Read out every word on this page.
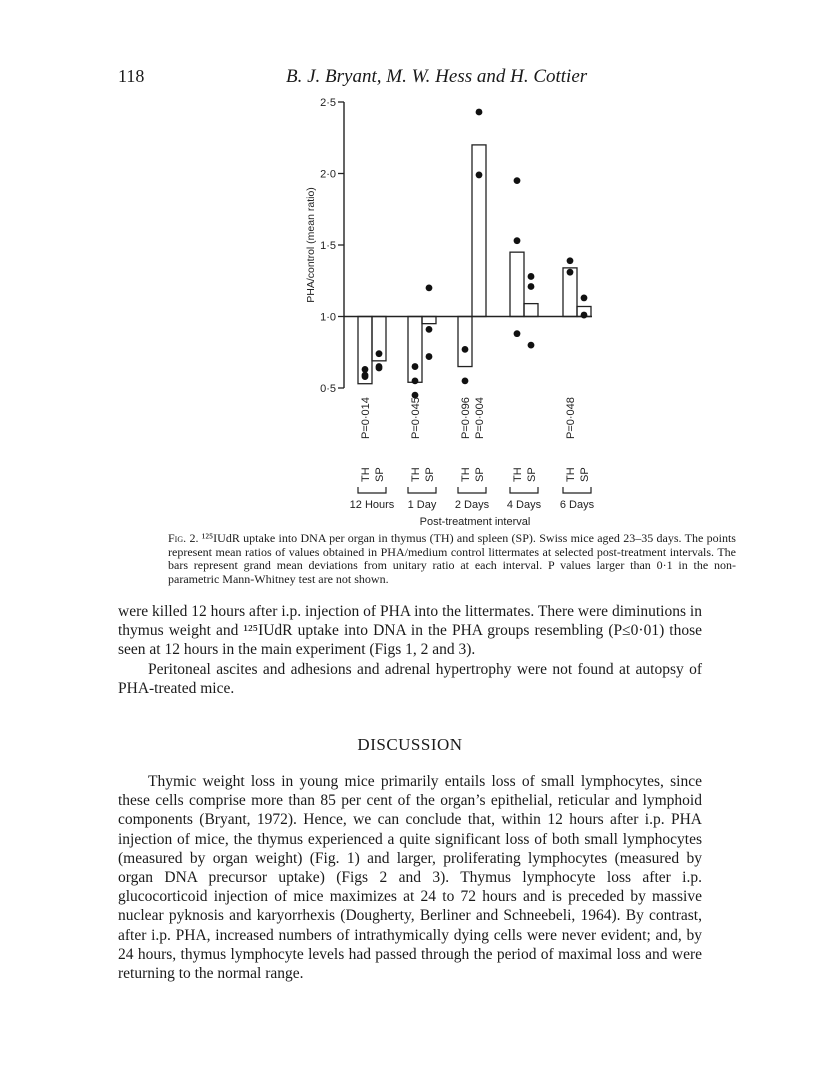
118	B. J. Bryant, M. W. Hess and H. Cottier
0·5
1·0
1·5
2·0
2·5
PHA/control (mean ratio)
TH
P=0·014
SP
12 Hours
TH
P=0·045
SP
1 Day
TH
P=0·096
SP
P=0·004
2 Days
TH SP
4 Days
TH
P=0·048
SP
6 Days
Post-treatment interval
Fig. 2. ¹²⁵IUdR uptake into DNA per organ in thymus (TH) and spleen (SP). Swiss mice aged 23–35 days. The points represent mean ratios of values obtained in PHA/medium control littermates at selected post-treatment intervals. The bars represent grand mean deviations from unitary ratio at each interval. P values larger than 0·1 in the non-parametric Mann-Whitney test are not shown.
were killed 12 hours after i.p. injection of PHA into the littermates. There were diminutions in thymus weight and ¹²⁵IUdR uptake into DNA in the PHA groups resembling (P≤0·01) those seen at 12 hours in the main experiment (Figs 1, 2 and 3).
Peritoneal ascites and adhesions and adrenal hypertrophy were not found at autopsy of PHA-treated mice.
DISCUSSION
Thymic weight loss in young mice primarily entails loss of small lymphocytes, since these cells comprise more than 85 per cent of the organ’s epithelial, reticular and lymphoid components (Bryant, 1972). Hence, we can conclude that, within 12 hours after i.p. PHA injection of mice, the thymus experienced a quite significant loss of both small lymphocytes (measured by organ weight) (Fig. 1) and larger, proliferating lymphocytes (measured by organ DNA precursor uptake) (Figs 2 and 3). Thymus lymphocyte loss after i.p. glucocorticoid injection of mice maximizes at 24 to 72 hours and is preceded by massive nuclear pyknosis and karyorrhexis (Dougherty, Berliner and Schneebeli, 1964). By contrast, after i.p. PHA, increased numbers of intrathymically dying cells were never evident; and, by 24 hours, thymus lymphocyte levels had passed through the period of maximal loss and were returning to the normal range.
